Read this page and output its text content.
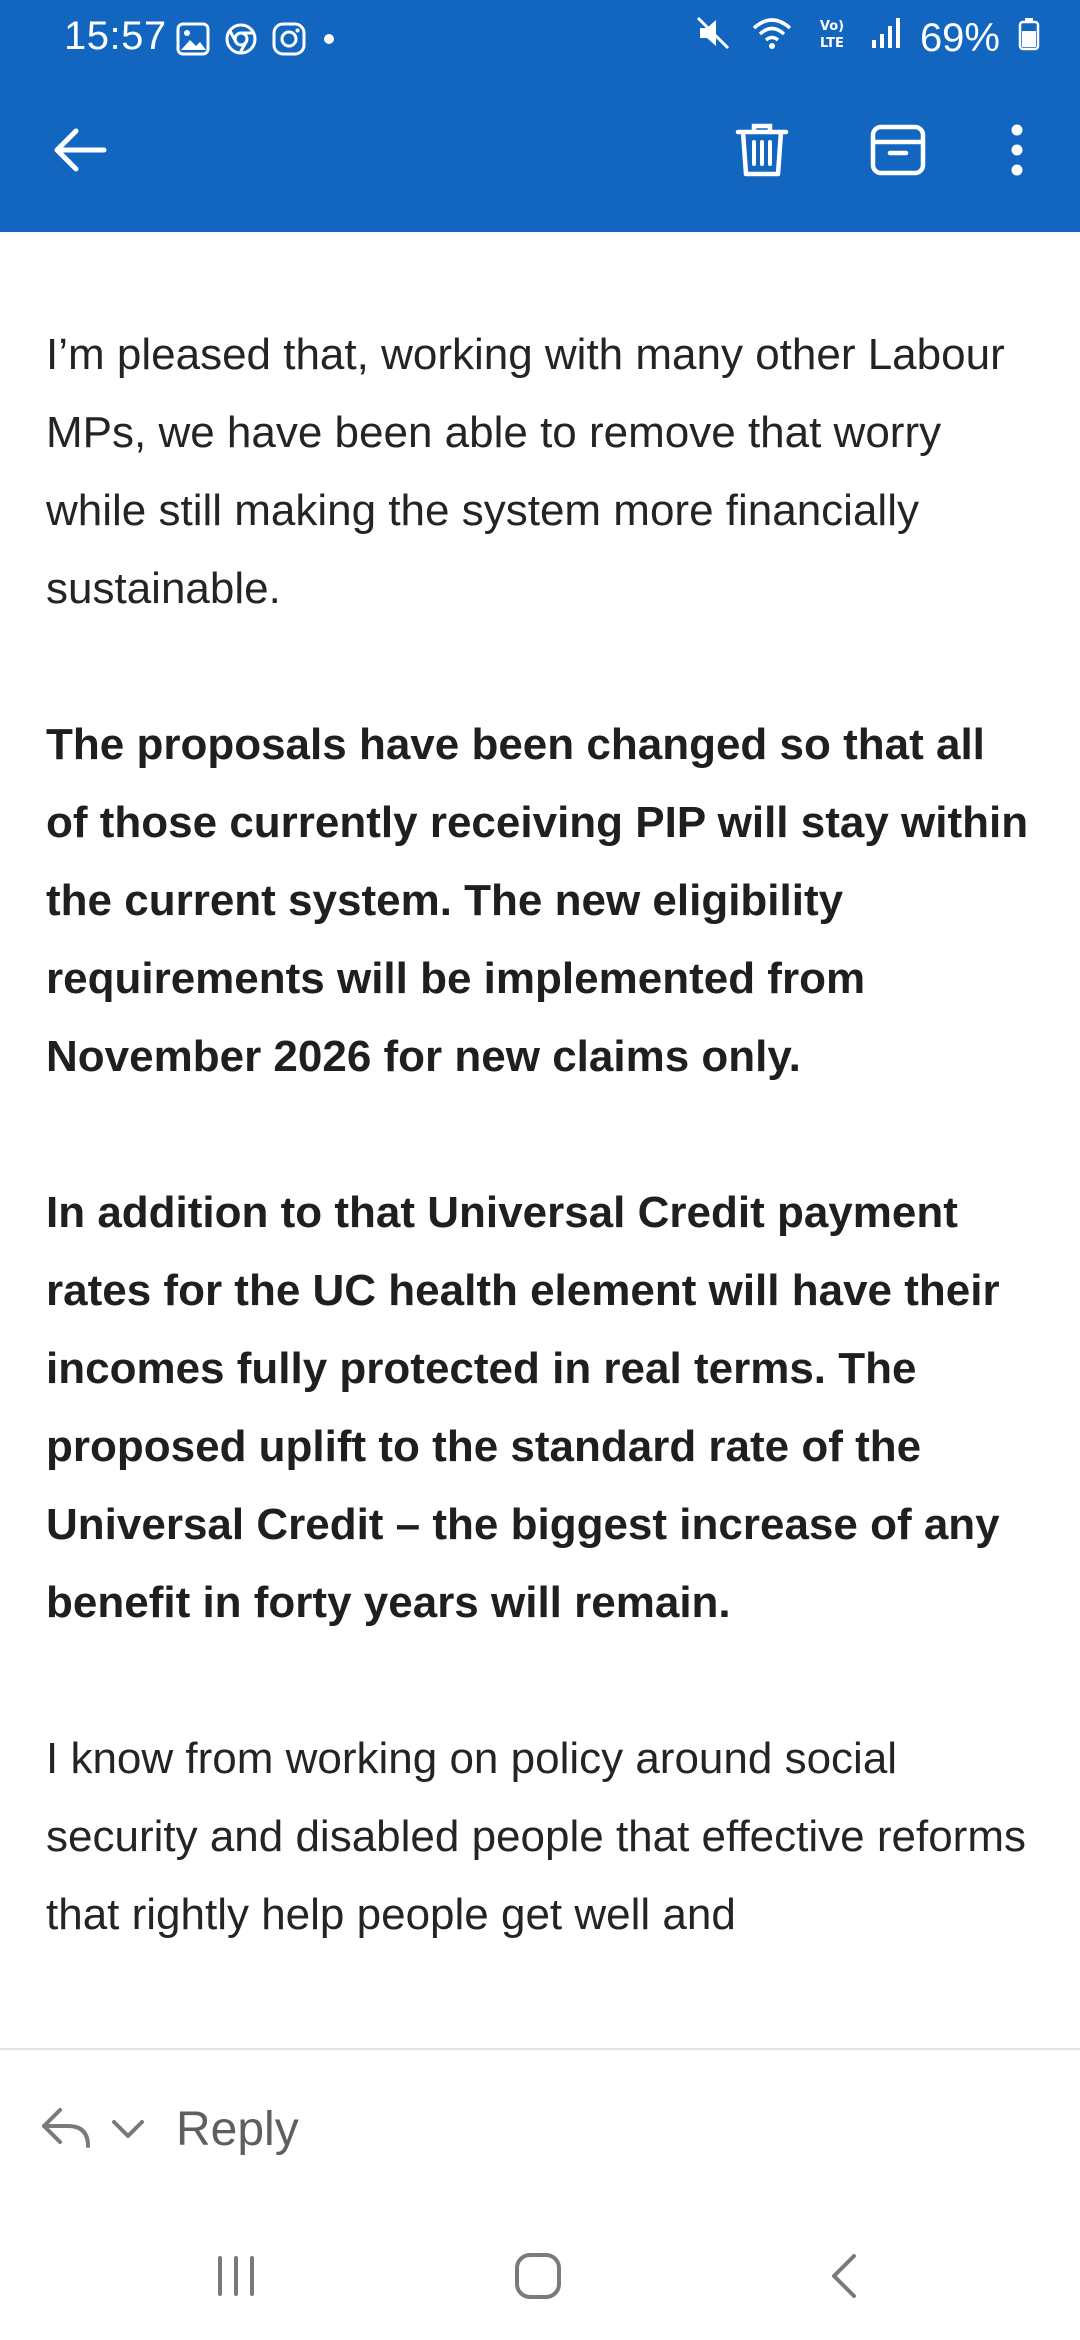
15:57	Vo)
LTE 69%

I’m pleased that, working with many other Labour MPs, we have been able to remove that worry while still making the system more financially sustainable.

The proposals have been changed so that all of those currently receiving PIP will stay within the current system. The new eligibility requirements will be implemented from November 2026 for new claims only.

In addition to that Universal Credit payment rates for the UC health element will have their incomes fully protected in real terms. The proposed uplift to the standard rate of the Universal Credit – the biggest increase of any benefit in forty years will remain.

I know from working on policy around social security and disabled people that effective reforms that rightly help people get well and

Reply
